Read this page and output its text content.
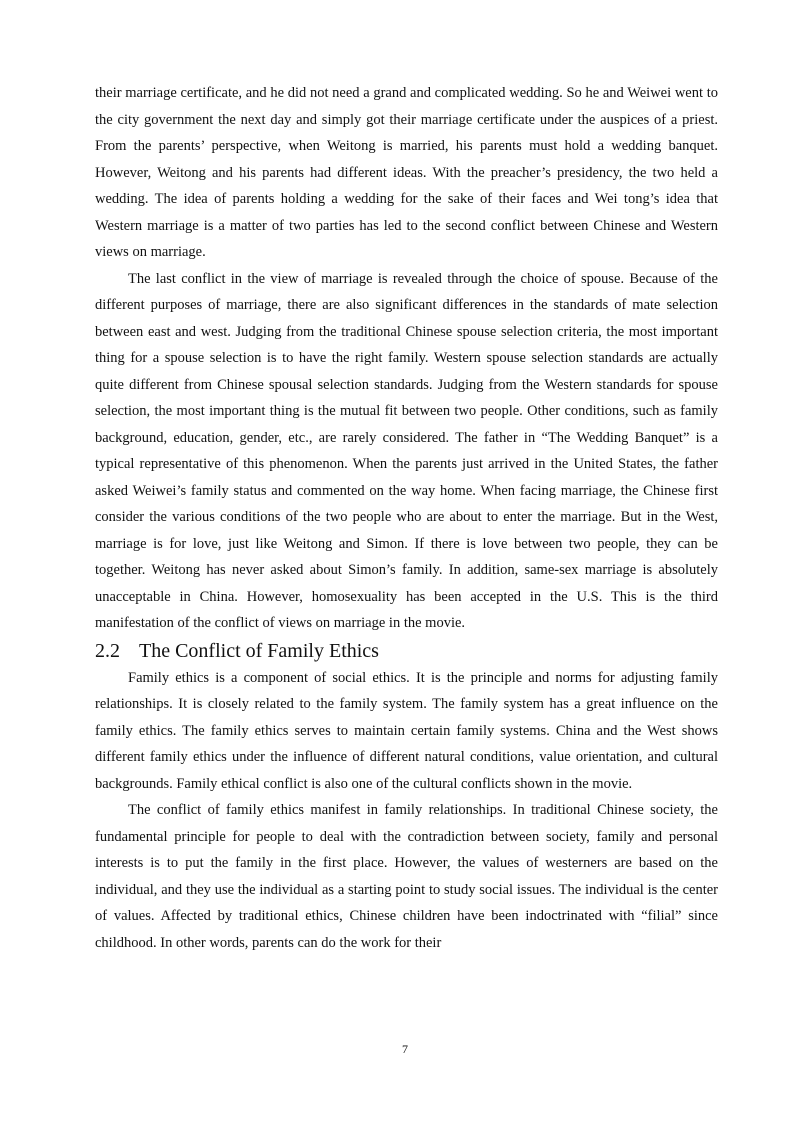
their marriage certificate, and he did not need a grand and complicated wedding. So he and Weiwei went to the city government the next day and simply got their marriage certificate under the auspices of a priest. From the parents’ perspective, when Weitong is married, his parents must hold a wedding banquet. However, Weitong and his parents had different ideas. With the preacher’s presidency, the two held a wedding. The idea of parents holding a wedding for the sake of their faces and Wei tong’s idea that Western marriage is a matter of two parties has led to the second conflict between Chinese and Western views on marriage.

The last conflict in the view of marriage is revealed through the choice of spouse. Because of the different purposes of marriage, there are also significant differences in the standards of mate selection between east and west. Judging from the traditional Chinese spouse selection criteria, the most important thing for a spouse selection is to have the right family. Western spouse selection standards are actually quite different from Chinese spousal selection standards. Judging from the Western standards for spouse selection, the most important thing is the mutual fit between two people. Other conditions, such as family background, education, gender, etc., are rarely considered. The father in “The Wedding Banquet” is a typical representative of this phenomenon. When the parents just arrived in the United States, the father asked Weiwei’s family status and commented on the way home. When facing marriage, the Chinese first consider the various conditions of the two people who are about to enter the marriage. But in the West, marriage is for love, just like Weitong and Simon. If there is love between two people, they can be together. Weitong has never asked about Simon’s family. In addition, same-sex marriage is absolutely unacceptable in China. However, homosexuality has been accepted in the U.S. This is the third manifestation of the conflict of views on marriage in the movie.

2.2 The Conflict of Family Ethics

Family ethics is a component of social ethics. It is the principle and norms for adjusting family relationships. It is closely related to the family system. The family system has a great influence on the family ethics. The family ethics serves to maintain certain family systems. China and the West shows different family ethics under the influence of different natural conditions, value orientation, and cultural backgrounds. Family ethical conflict is also one of the cultural conflicts shown in the movie.

The conflict of family ethics manifest in family relationships. In traditional Chinese society, the fundamental principle for people to deal with the contradiction between society, family and personal interests is to put the family in the first place. However, the values of westerners are based on the individual, and they use the individual as a starting point to study social issues. The individual is the center of values. Affected by traditional ethics, Chinese children have been indoctrinated with “filial” since childhood. In other words, parents can do the work for their

7
